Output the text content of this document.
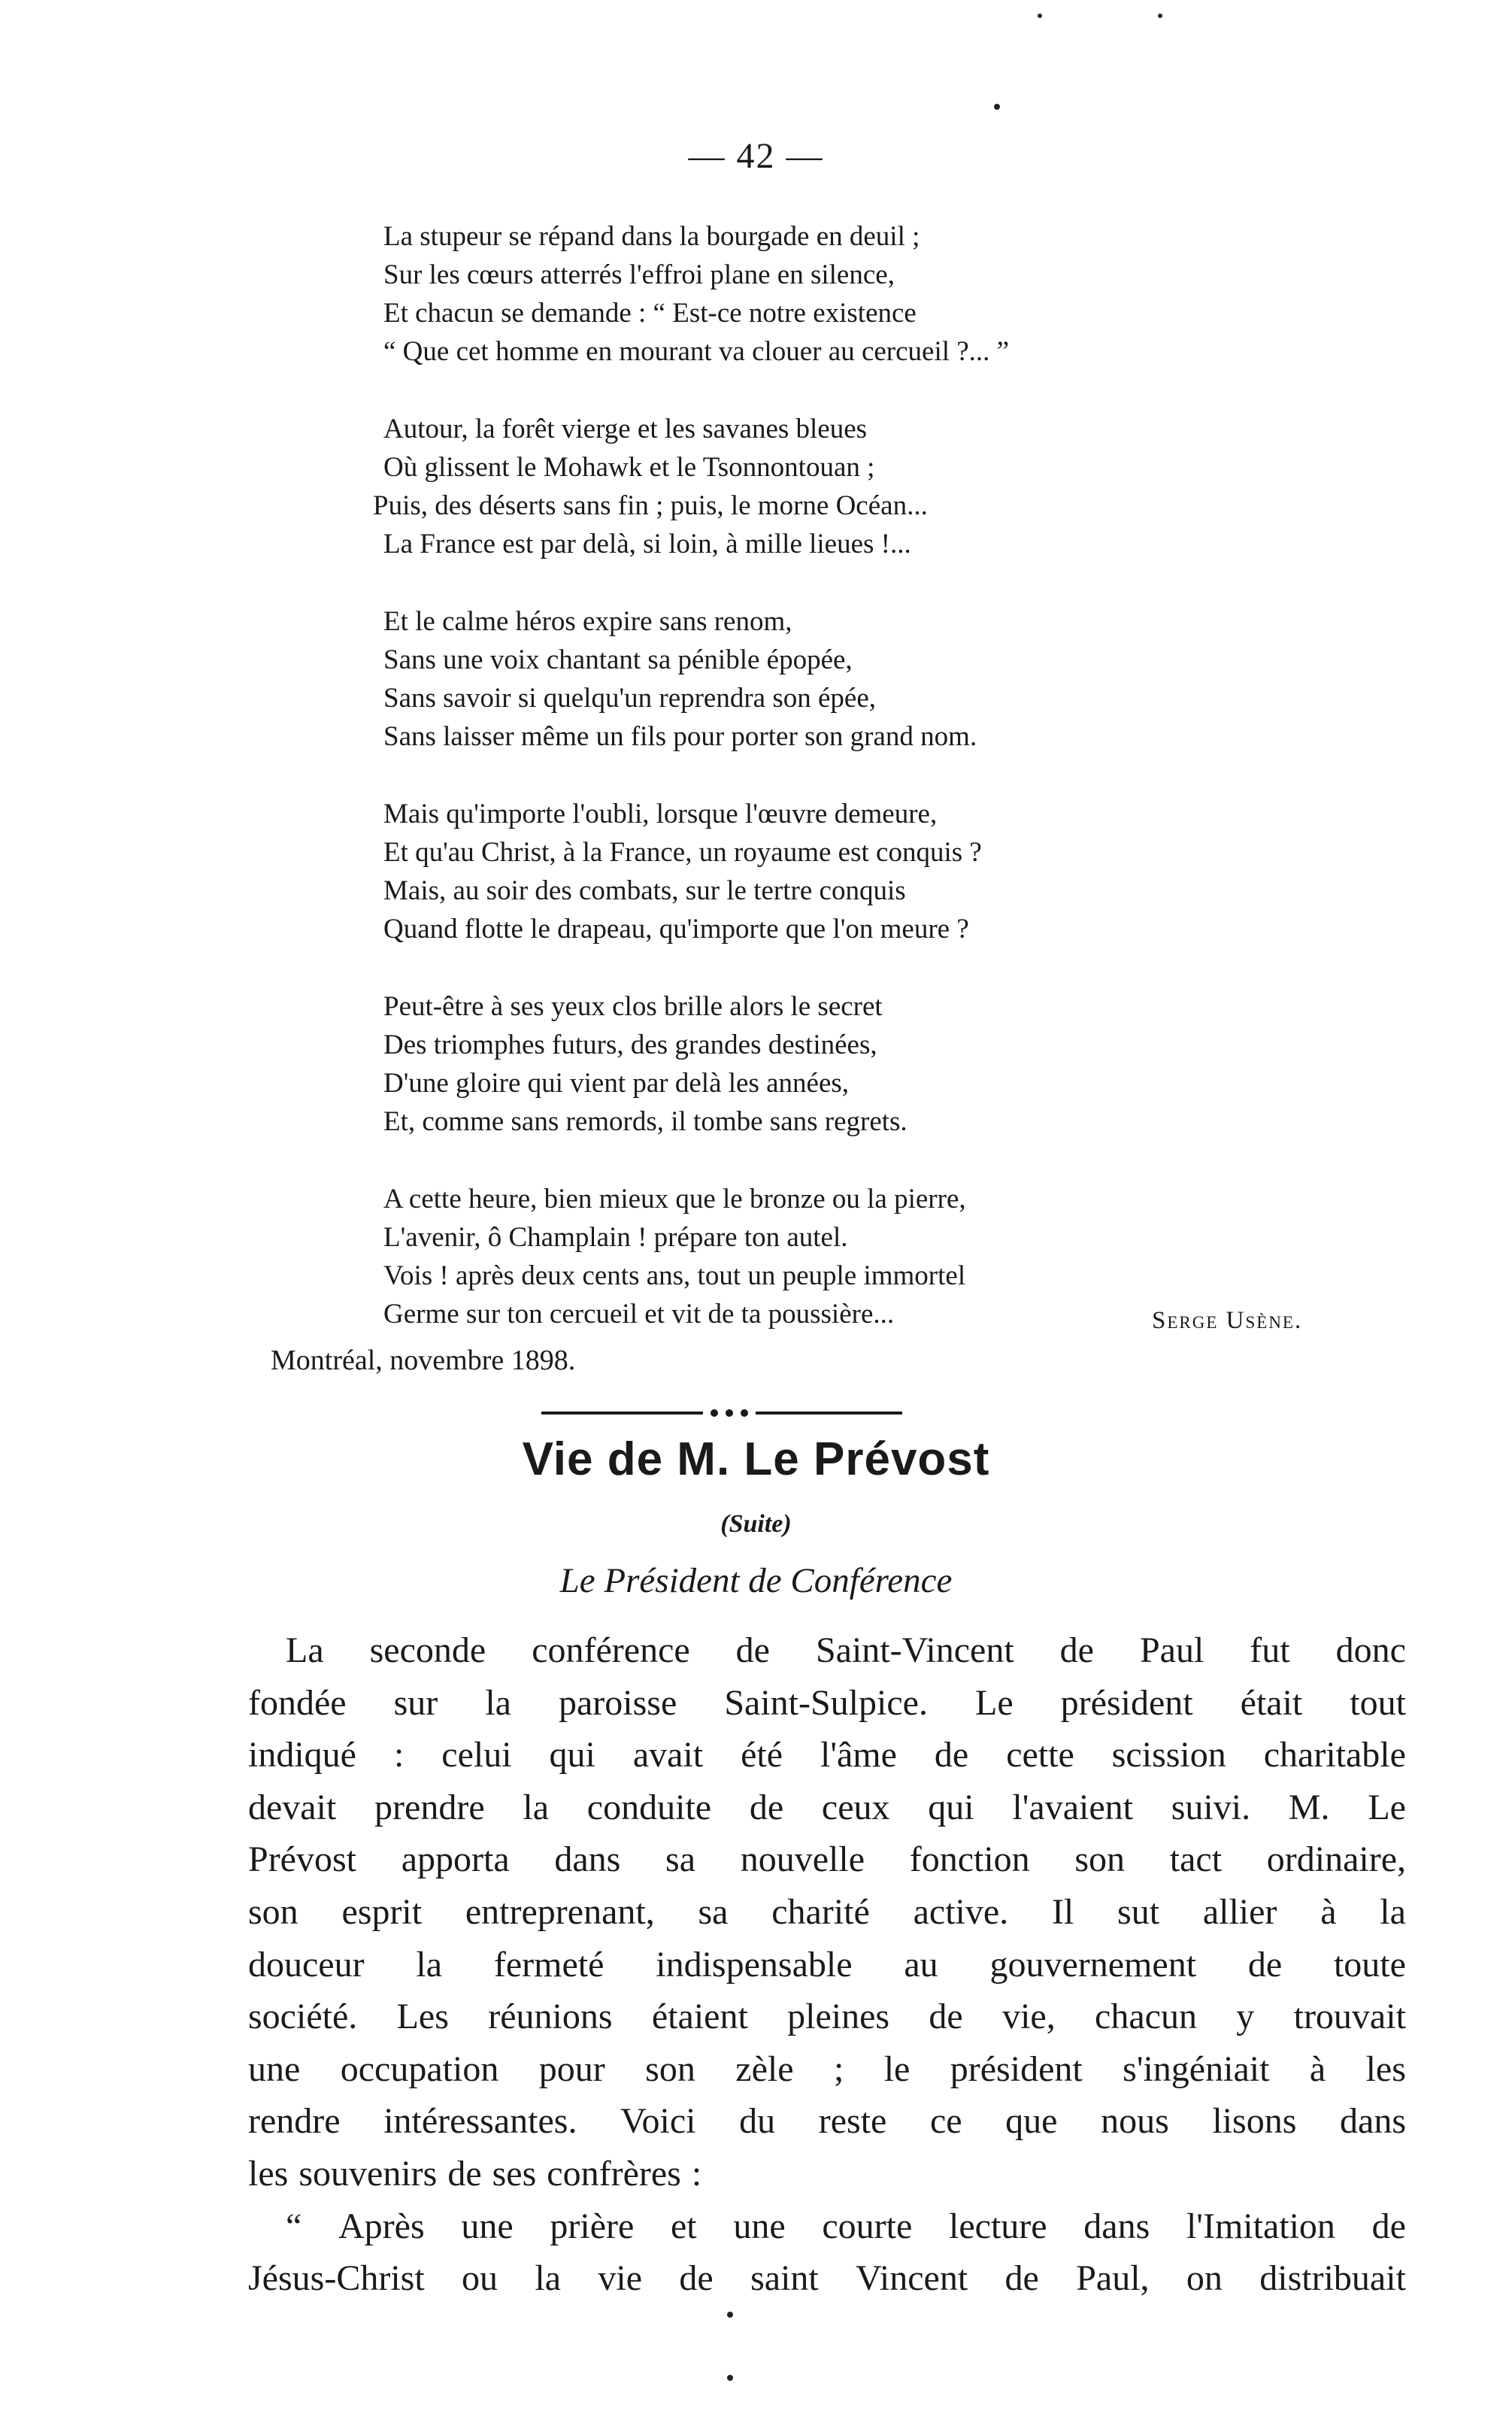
— 42 —
La stupeur se répand dans la bourgade en deuil ;
Sur les cœurs atterrés l'effroi plane en silence,
Et chacun se demande : “ Est-ce notre existence
“ Que cet homme en mourant va clouer au cercueil ?... ”
Autour, la forêt vierge et les savanes bleues
Où glissent le Mohawk et le Tsonnontouan ;
Puis, des déserts sans fin ; puis, le morne Océan...
La France est par delà, si loin, à mille lieues !...
Et le calme héros expire sans renom,
Sans une voix chantant sa pénible épopée,
Sans savoir si quelqu'un reprendra son épée,
Sans laisser même un fils pour porter son grand nom.
Mais qu'importe l'oubli, lorsque l'œuvre demeure,
Et qu'au Christ, à la France, un royaume est conquis ?
Mais, au soir des combats, sur le tertre conquis
Quand flotte le drapeau, qu'importe que l'on meure ?
Peut-être à ses yeux clos brille alors le secret
Des triomphes futurs, des grandes destinées,
D'une gloire qui vient par delà les années,
Et, comme sans remords, il tombe sans regrets.
A cette heure, bien mieux que le bronze ou la pierre,
L'avenir, ô Champlain ! prépare ton autel.
Vois ! après deux cents ans, tout un peuple immortel
Germe sur ton cercueil et vit de ta poussière...	Serge Usène.
Montréal, novembre 1898.
Vie de M. Le Prévost
(Suite)
Le Président de Conférence
La seconde conférence de Saint-Vincent de Paul fut donc
fondée sur la paroisse Saint-Sulpice. Le président était tout
indiqué : celui qui avait été l'âme de cette scission charitable
devait prendre la conduite de ceux qui l'avaient suivi. M. Le
Prévost apporta dans sa nouvelle fonction son tact ordinaire,
son esprit entreprenant, sa charité active. Il sut allier à la
douceur la fermeté indispensable au gouvernement de toute
société. Les réunions étaient pleines de vie, chacun y trouvait
une occupation pour son zèle ; le président s'ingéniait à les
rendre intéressantes. Voici du reste ce que nous lisons dans
les souvenirs de ses confrères :
“ Après une prière et une courte lecture dans l'Imitation de
Jésus-Christ ou la vie de saint Vincent de Paul, on distribuait
